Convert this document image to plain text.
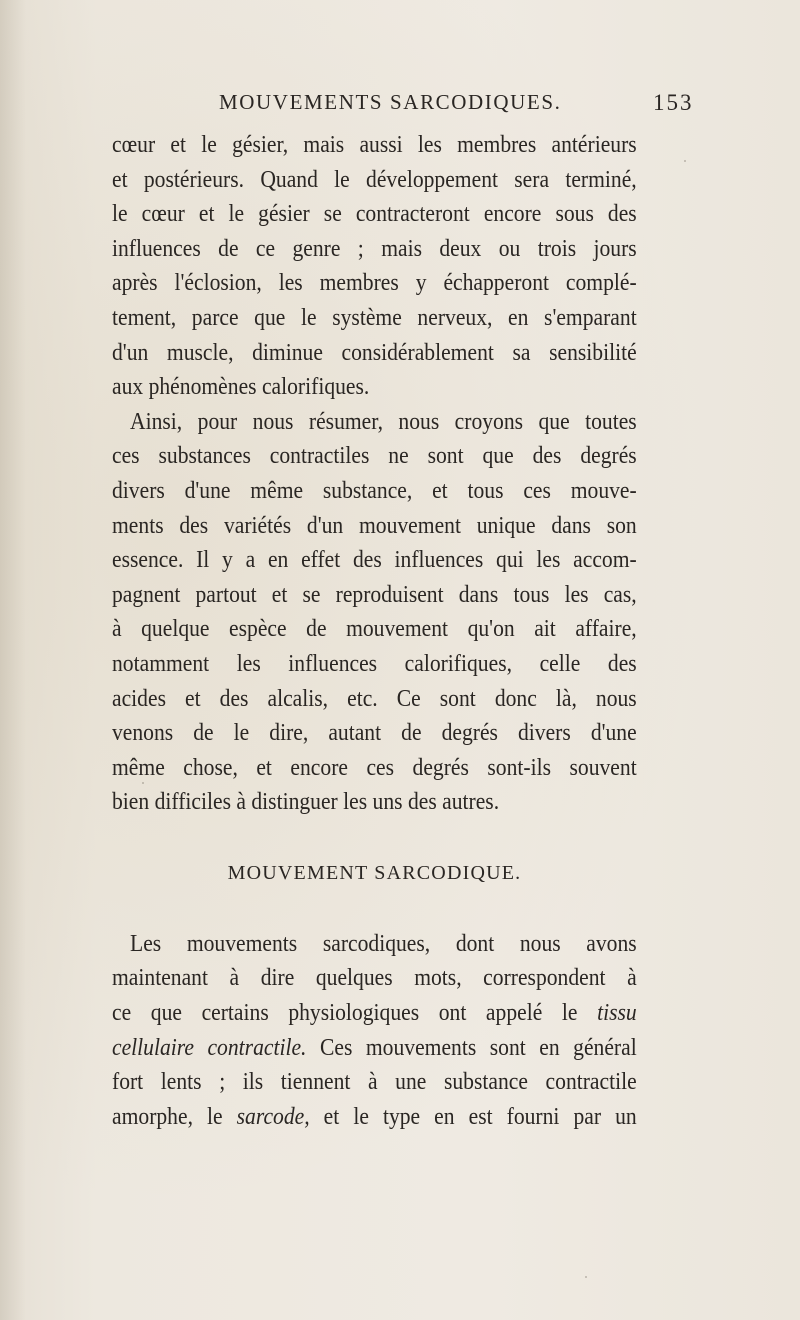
MOUVEMENTS SARCODIQUES.	153
cœur et le gésier, mais aussi les membres antérieurs
et postérieurs. Quand le développement sera terminé,
le cœur et le gésier se contracteront encore sous des
influences de ce genre ; mais deux ou trois jours
après l'éclosion, les membres y échapperont complé-
tement, parce que le système nerveux, en s'emparant
d'un muscle, diminue considérablement sa sensibilité
aux phénomènes calorifiques.
Ainsi, pour nous résumer, nous croyons que toutes
ces substances contractiles ne sont que des degrés
divers d'une même substance, et tous ces mouve-
ments des variétés d'un mouvement unique dans son
essence. Il y a en effet des influences qui les accom-
pagnent partout et se reproduisent dans tous les cas,
à quelque espèce de mouvement qu'on ait affaire,
notamment les influences calorifiques, celle des
acides et des alcalis, etc. Ce sont donc là, nous
venons de le dire, autant de degrés divers d'une
même chose, et encore ces degrés sont-ils souvent
bien difficiles à distinguer les uns des autres.
MOUVEMENT SARCODIQUE.
Les mouvements sarcodiques, dont nous avons
maintenant à dire quelques mots, correspondent à
ce que certains physiologiques ont appelé le tissu
cellulaire contractile. Ces mouvements sont en général
fort lents ; ils tiennent à une substance contractile
amorphe, le sarcode, et le type en est fourni par un
